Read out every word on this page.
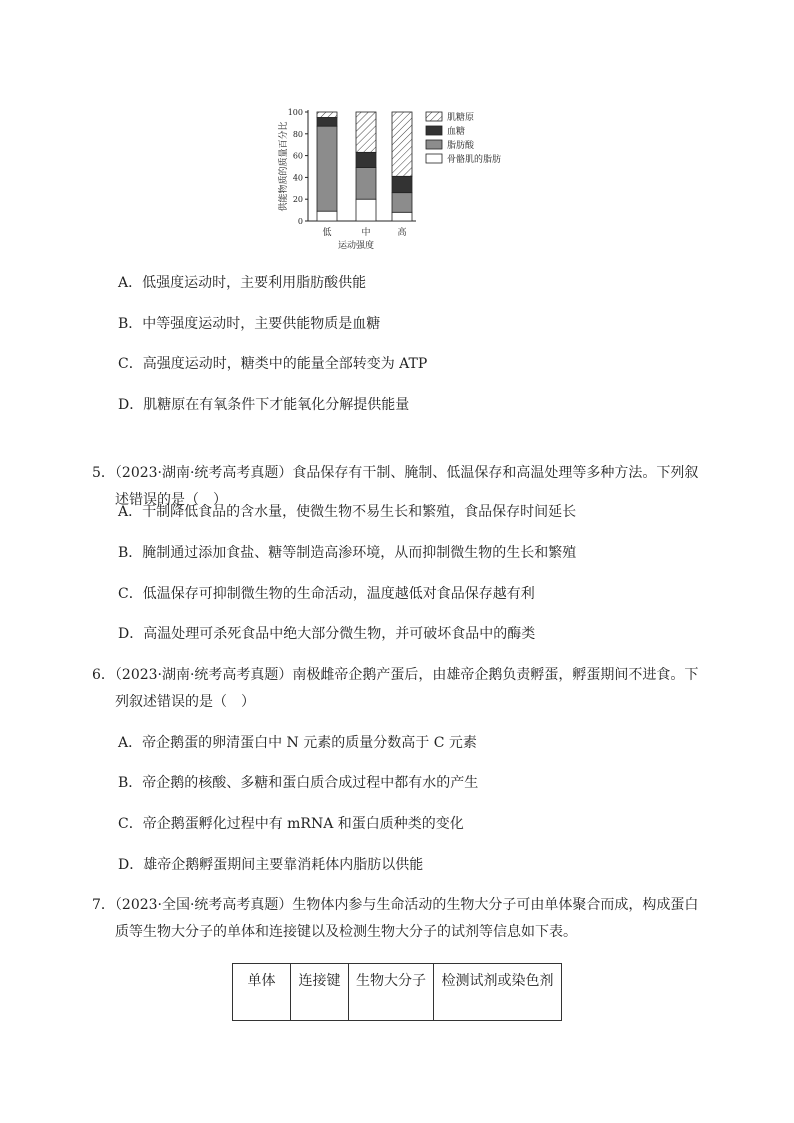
0
20
40
60
80
100
供能物质的质量百分比
低	中	高
运动强度
肌糖原
血糖
脂肪酸
骨骼肌的脂肪
A．低强度运动时，主要利用脂肪酸供能
B．中等强度运动时，主要供能物质是血糖
C．高强度运动时，糖类中的能量全部转变为 ATP
D．肌糖原在有氧条件下才能氧化分解提供能量
5．（2023·湖南·统考高考真题）食品保存有干制、腌制、低温保存和高温处理等多种方法。下列叙
述错误的是（　）
A．干制降低食品的含水量，使微生物不易生长和繁殖，食品保存时间延长
B．腌制通过添加食盐、糖等制造高渗环境，从而抑制微生物的生长和繁殖
C．低温保存可抑制微生物的生命活动，温度越低对食品保存越有利
D．高温处理可杀死食品中绝大部分微生物，并可破坏食品中的酶类
6．（2023·湖南·统考高考真题）南极雌帝企鹅产蛋后，由雄帝企鹅负责孵蛋，孵蛋期间不进食。下
列叙述错误的是（　）
A．帝企鹅蛋的卵清蛋白中 N 元素的质量分数高于 C 元素
B．帝企鹅的核酸、多糖和蛋白质合成过程中都有水的产生
C．帝企鹅蛋孵化过程中有 mRNA 和蛋白质种类的变化
D．雄帝企鹅孵蛋期间主要靠消耗体内脂肪以供能
7．（2023·全国·统考高考真题）生物体内参与生命活动的生物大分子可由单体聚合而成，构成蛋白
质等生物大分子的单体和连接键以及检测生物大分子的试剂等信息如下表。
单体	连接键	生物大分子	检测试剂或染色剂
